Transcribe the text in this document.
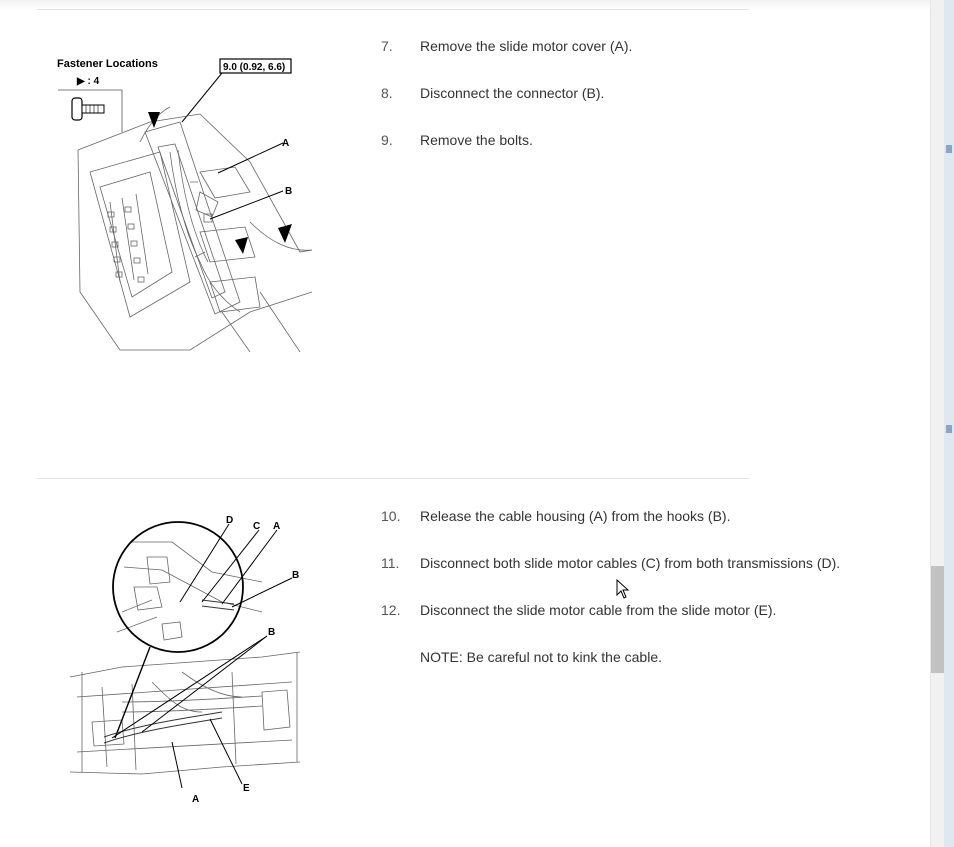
Fastener Locations
▶ : 4
9.0 (0.92, 6.6)
A
B
7.	Remove the slide motor cover (A).
8.	Disconnect the connector (B).
9.	Remove the bolts.
D
C A
B
B
A
E
10.	Release the cable housing (A) from the hooks (B).
11.	Disconnect both slide motor cables (C) from both transmissions (D).
12.	Disconnect the slide motor cable from the slide motor (E).
NOTE: Be careful not to kink the cable.
